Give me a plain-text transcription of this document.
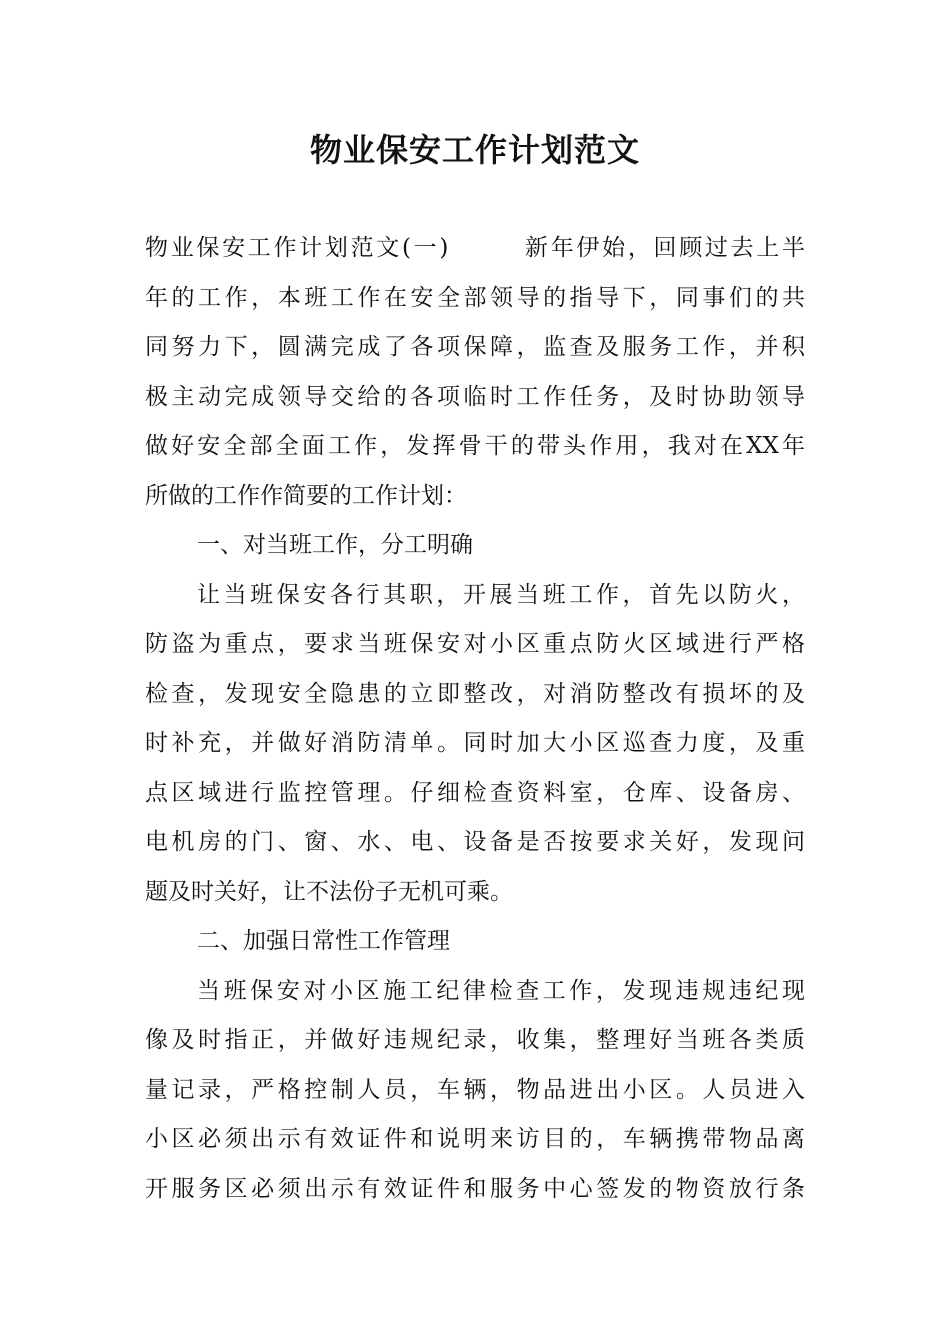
物业保安工作计划范文
物业保安工作计划范文(一)	新年伊始，回顾过去上半
年的工作，本班工作在安全部领导的指导下，同事们的共
同努力下，圆满完成了各项保障，监查及服务工作，并积
极主动完成领导交给的各项临时工作任务，及时协助领导
做好安全部全面工作，发挥骨干的带头作用，我对在XX年
所做的工作作简要的工作计划：
一、对当班工作，分工明确
让当班保安各行其职，开展当班工作，首先以防火，
防盗为重点，要求当班保安对小区重点防火区域进行严格
检查，发现安全隐患的立即整改，对消防整改有损坏的及
时补充，并做好消防清单。同时加大小区巡查力度，及重
点区域进行监控管理。仔细检查资料室，仓库、设备房、
电机房的门、窗、水、电、设备是否按要求关好，发现问
题及时关好，让不法份子无机可乘。
二、加强日常性工作管理
当班保安对小区施工纪律检查工作，发现违规违纪现
像及时指正，并做好违规纪录，收集，整理好当班各类质
量记录，严格控制人员，车辆，物品进出小区。人员进入
小区必须出示有效证件和说明来访目的，车辆携带物品离
开服务区必须出示有效证件和服务中心签发的物资放行条
